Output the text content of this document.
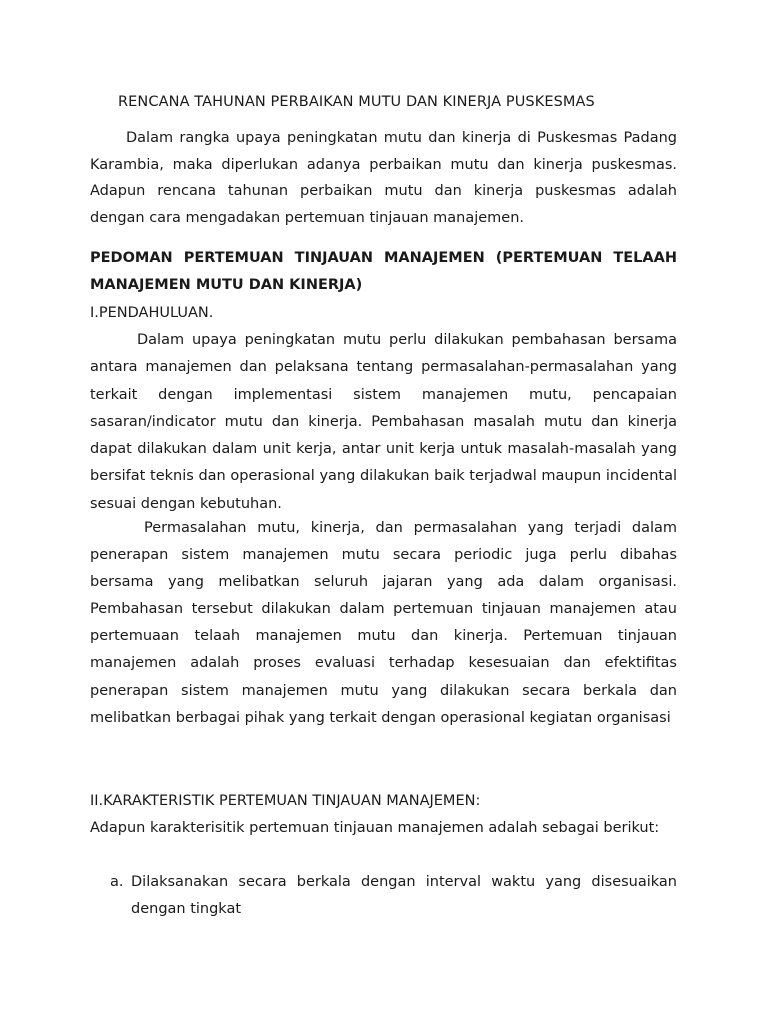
RENCANA TAHUNAN PERBAIKAN MUTU DAN KINERJA PUSKESMAS
Dalam rangka upaya peningkatan mutu dan kinerja di Puskesmas Padang Karambia, maka diperlukan adanya perbaikan mutu dan kinerja puskesmas. Adapun rencana tahunan perbaikan mutu dan kinerja puskesmas adalah dengan cara mengadakan pertemuan tinjauan manajemen.
PEDOMAN PERTEMUAN TINJAUAN MANAJEMEN (PERTEMUAN TELAAH MANAJEMEN MUTU DAN KINERJA)
I.PENDAHULUAN.
Dalam upaya peningkatan mutu perlu dilakukan pembahasan bersama antara manajemen dan pelaksana tentang permasalahan-permasalahan yang terkait dengan implementasi sistem manajemen mutu, pencapaian sasaran/indicator mutu dan kinerja. Pembahasan masalah mutu dan kinerja dapat dilakukan dalam unit kerja, antar unit kerja untuk masalah-masalah yang bersifat teknis dan operasional yang dilakukan baik terjadwal maupun incidental sesuai dengan kebutuhan.
Permasalahan mutu, kinerja, dan permasalahan yang terjadi dalam penerapan sistem manajemen mutu secara periodic juga perlu dibahas bersama yang melibatkan seluruh jajaran yang ada dalam organisasi. Pembahasan tersebut dilakukan dalam pertemuan tinjauan manajemen atau pertemuaan telaah manajemen mutu dan kinerja. Pertemuan tinjauan manajemen adalah proses evaluasi terhadap kesesuaian dan efektifitas penerapan sistem manajemen mutu yang dilakukan secara berkala dan melibatkan berbagai pihak yang terkait dengan operasional kegiatan organisasi
II.KARAKTERISTIK PERTEMUAN TINJAUAN MANAJEMEN:
Adapun karakterisitik pertemuan tinjauan manajemen adalah sebagai berikut:
a. Dilaksanakan secara berkala dengan interval waktu yang disesuaikan dengan tingkat
